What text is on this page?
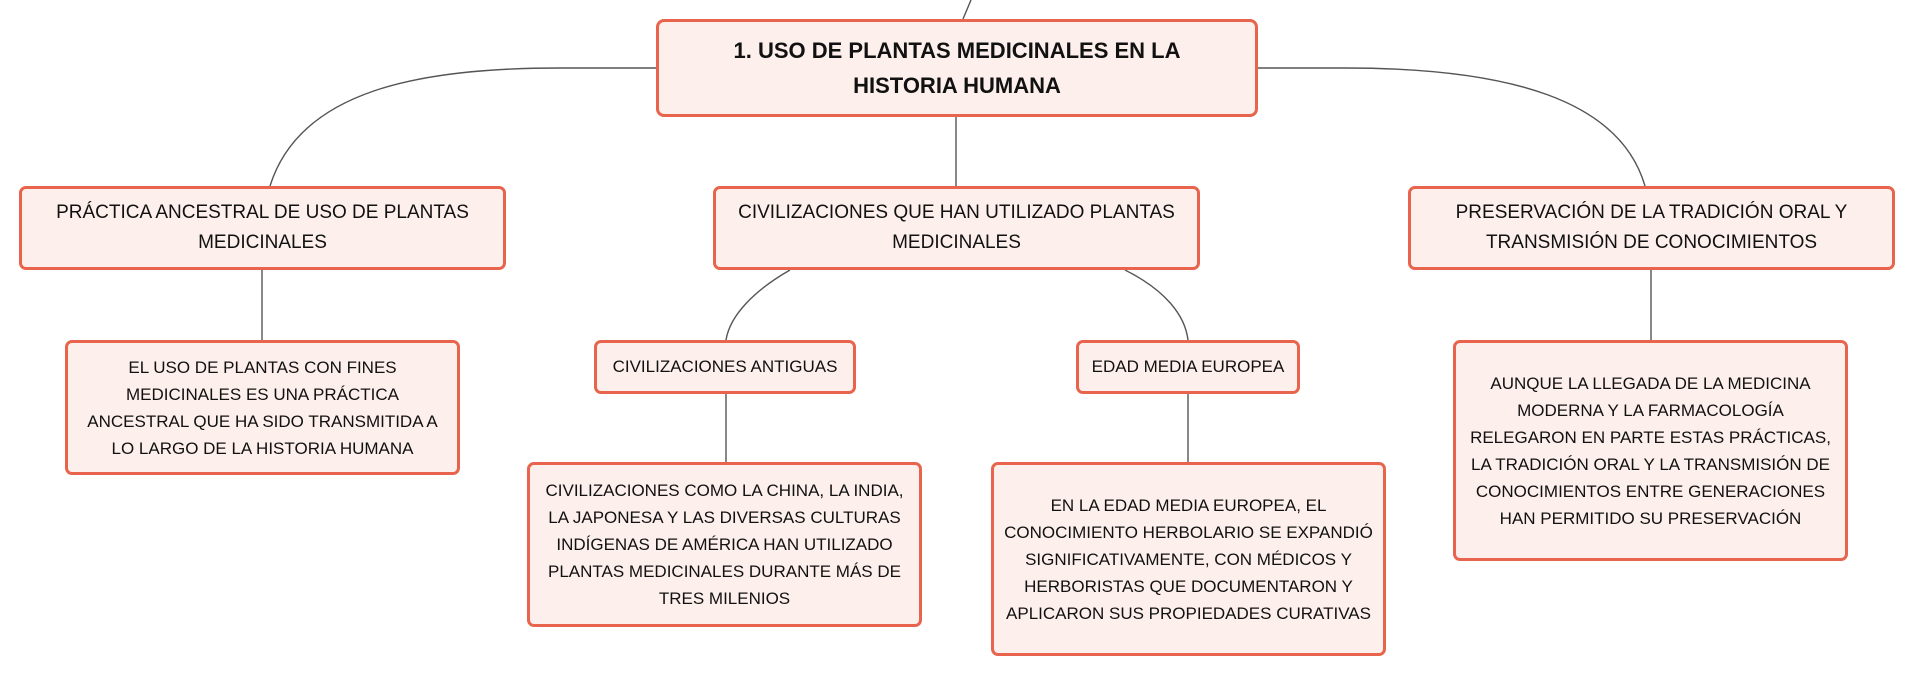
1. USO DE PLANTAS MEDICINALES EN LA HISTORIA HUMANA
PRÁCTICA ANCESTRAL DE USO DE PLANTAS MEDICINALES
CIVILIZACIONES QUE HAN UTILIZADO PLANTAS MEDICINALES
PRESERVACIÓN DE LA TRADICIÓN ORAL Y TRANSMISIÓN DE CONOCIMIENTOS
CIVILIZACIONES ANTIGUAS	EDAD MEDIA EUROPEA
EL USO DE PLANTAS CON FINES MEDICINALES ES UNA PRÁCTICA ANCESTRAL QUE HA SIDO TRANSMITIDA A LO LARGO DE LA HISTORIA HUMANA
CIVILIZACIONES COMO LA CHINA, LA INDIA, LA JAPONESA Y LAS DIVERSAS CULTURAS INDÍGENAS DE AMÉRICA HAN UTILIZADO PLANTAS MEDICINALES DURANTE MÁS DE TRES MILENIOS
EN LA EDAD MEDIA EUROPEA, EL CONOCIMIENTO HERBOLARIO SE EXPANDIÓ SIGNIFICATIVAMENTE, CON MÉDICOS Y HERBORISTAS QUE DOCUMENTARON Y APLICARON SUS PROPIEDADES CURATIVAS
AUNQUE LA LLEGADA DE LA MEDICINA MODERNA Y LA FARMACOLOGÍA RELEGARON EN PARTE ESTAS PRÁCTICAS, LA TRADICIÓN ORAL Y LA TRANSMISIÓN DE CONOCIMIENTOS ENTRE GENERACIONES HAN PERMITIDO SU PRESERVACIÓN
